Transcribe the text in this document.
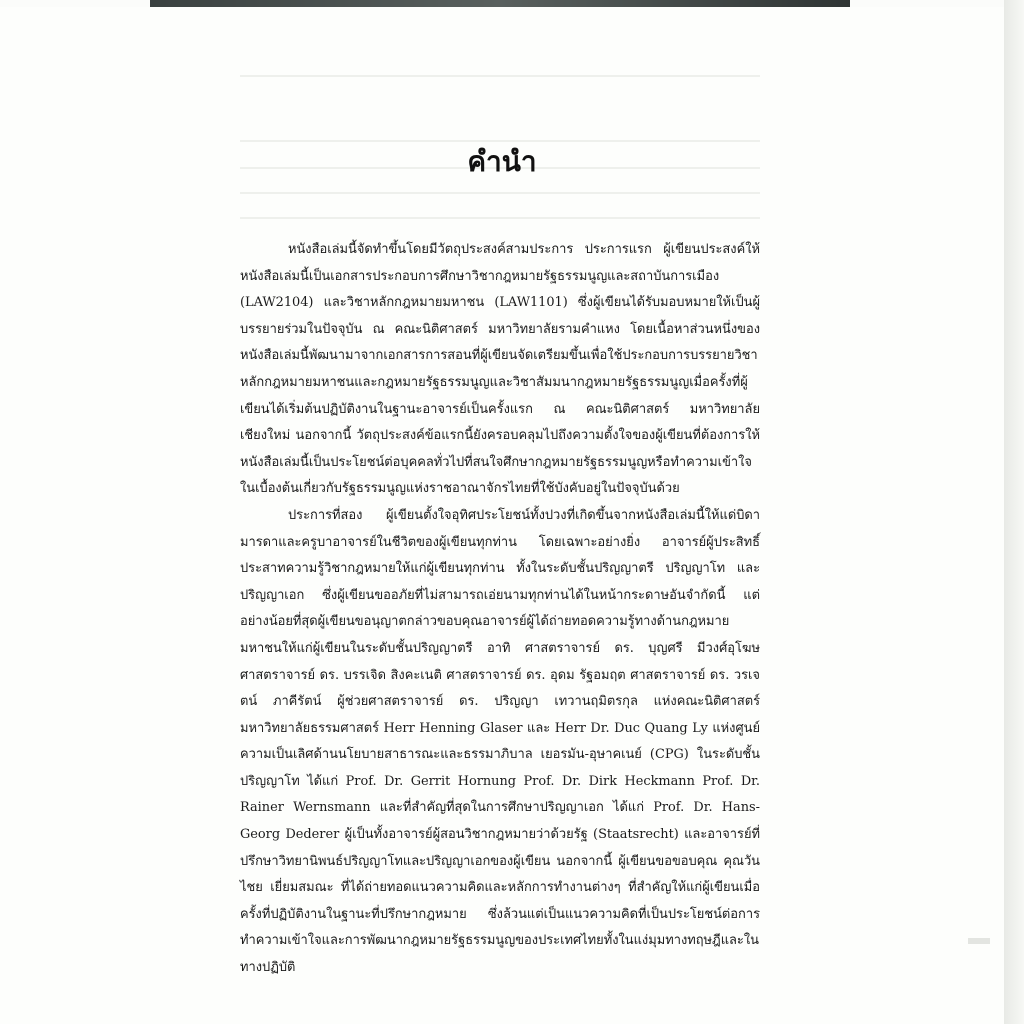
คำนำ

หนังสือเล่มนี้จัดทำขึ้นโดยมีวัตถุประสงค์สามประการ ประการแรก ผู้เขียนประสงค์ให้หนังสือเล่มนี้เป็นเอกสารประกอบการศึกษาวิชากฎหมายรัฐธรรมนูญและสถาบันการเมือง (LAW2104) และวิชาหลักกฎหมายมหาชน (LAW1101) ซึ่งผู้เขียนได้รับมอบหมายให้เป็นผู้บรรยายร่วมในปัจจุบัน ณ คณะนิติศาสตร์ มหาวิทยาลัยรามคำแหง โดยเนื้อหาส่วนหนึ่งของหนังสือเล่มนี้พัฒนามาจากเอกสารการสอนที่ผู้เขียนจัดเตรียมขึ้นเพื่อใช้ประกอบการบรรยายวิชาหลักกฎหมายมหาชนและกฎหมายรัฐธรรมนูญและวิชาสัมมนากฎหมายรัฐธรรมนูญเมื่อครั้งที่ผู้เขียนได้เริ่มต้นปฏิบัติงานในฐานะอาจารย์เป็นครั้งแรก ณ คณะนิติศาสตร์ มหาวิทยาลัยเชียงใหม่ นอกจากนี้ วัตถุประสงค์ข้อแรกนี้ยังครอบคลุมไปถึงความตั้งใจของผู้เขียนที่ต้องการให้หนังสือเล่มนี้เป็นประโยชน์ต่อบุคคลทั่วไปที่สนใจศึกษากฎหมายรัฐธรรมนูญหรือทำความเข้าใจในเบื้องต้นเกี่ยวกับรัฐธรรมนูญแห่งราชอาณาจักรไทยที่ใช้บังคับอยู่ในปัจจุบันด้วย

ประการที่สอง ผู้เขียนตั้งใจอุทิศประโยชน์ทั้งปวงที่เกิดขึ้นจากหนังสือเล่มนี้ให้แด่บิดามารดาและครูบาอาจารย์ในชีวิตของผู้เขียนทุกท่าน โดยเฉพาะอย่างยิ่ง อาจารย์ผู้ประสิทธิ์ประสาทความรู้วิชากฎหมายให้แก่ผู้เขียนทุกท่าน ทั้งในระดับชั้นปริญญาตรี ปริญญาโท และปริญญาเอก ซึ่งผู้เขียนขออภัยที่ไม่สามารถเอ่ยนามทุกท่านได้ในหน้ากระดาษอันจำกัดนี้ แต่อย่างน้อยที่สุดผู้เขียนขอนุญาตกล่าวขอบคุณอาจารย์ผู้ได้ถ่ายทอดความรู้ทางด้านกฎหมายมหาชนให้แก่ผู้เขียนในระดับชั้นปริญญาตรี อาทิ ศาสตราจารย์ ดร. บุญศรี มีวงศ์อุโฆษ ศาสตราจารย์ ดร. บรรเจิด สิงคะเนติ ศาสตราจารย์ ดร. อุดม รัฐอมฤต ศาสตราจารย์ ดร. วรเจตน์ ภาคีรัตน์ ผู้ช่วยศาสตราจารย์ ดร. ปริญญา เทวานฤมิตรกุล แห่งคณะนิติศาสตร์ มหาวิทยาลัยธรรมศาสตร์ Herr Henning Glaser และ Herr Dr. Duc Quang Ly แห่งศูนย์ความเป็นเลิศด้านนโยบายสาธารณะและธรรมาภิบาล เยอรมัน-อุษาคเนย์ (CPG) ในระดับชั้นปริญญาโท ได้แก่ Prof. Dr. Gerrit Hornung Prof. Dr. Dirk Heckmann Prof. Dr. Rainer Wernsmann และที่สำคัญที่สุดในการศึกษาปริญญาเอก ได้แก่ Prof. Dr. Hans-Georg Dederer ผู้เป็นทั้งอาจารย์ผู้สอนวิชากฎหมายว่าด้วยรัฐ (Staatsrecht) และอาจารย์ที่ปรึกษาวิทยานิพนธ์ปริญญาโทและปริญญาเอกของผู้เขียน นอกจากนี้ ผู้เขียนขอขอบคุณ คุณวันไชย เยี่ยมสมณะ ที่ได้ถ่ายทอดแนวความคิดและหลักการทำงานต่างๆ ที่สำคัญให้แก่ผู้เขียนเมื่อครั้งที่ปฏิบัติงานในฐานะที่ปรึกษากฎหมาย ซึ่งล้วนแต่เป็นแนวความคิดที่เป็นประโยชน์ต่อการทำความเข้าใจและการพัฒนากฎหมายรัฐธรรมนูญของประเทศไทยทั้งในแง่มุมทางทฤษฎีและในทางปฏิบัติ
